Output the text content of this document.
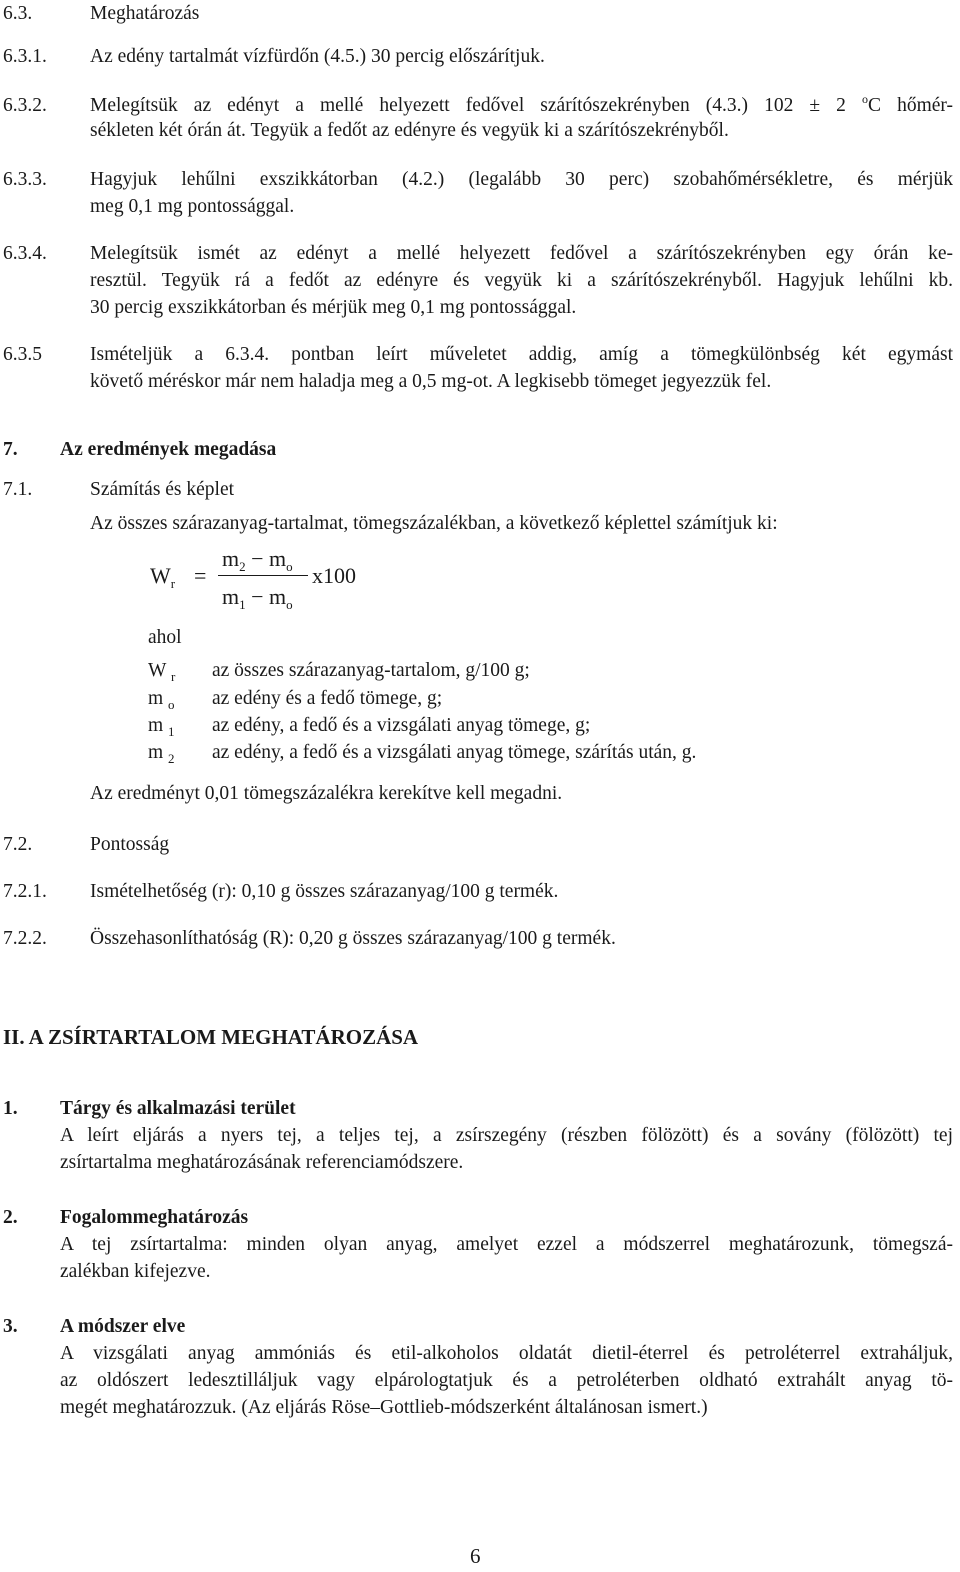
6.3.	Meghatározás
6.3.1. Az edény tartalmát vízfürdőn (4.5.) 30 percig előszárítjuk.
6.3.2. Melegítsük az edényt a mellé helyezett fedővel szárítószekrényben (4.3.) 102 ± 2 $^o$C hőmér-
sékleten két órán át. Tegyük a fedőt az edényre és vegyük ki a szárítószekrényből.
6.3.3. Hagyjuk lehűlni exszikkátorban (4.2.) (legalább 30 perc) szobahőmérsékletre, és mérjük
meg 0,1 mg pontossággal.
6.3.4. Melegítsük ismét az edényt a mellé helyezett fedővel a szárítószekrényben egy órán ke-
resztül. Tegyük rá a fedőt az edényre és vegyük ki a szárítószekrényből. Hagyjuk lehűlni kb.
30 percig exszikkátorban és mérjük meg 0,1 mg pontossággal.
6.3.5 Ismételjük a 6.3.4. pontban leírt műveletet addig, amíg a tömegkülönbség két egymást
követő méréskor már nem haladja meg a 0,5 mg-ot. A legkisebb tömeget jegyezzük fel.
7. Az eredmények megadása
7.1.	Számítás és képlet
Az összes szárazanyag-tartalmat, tömegszázalékban, a következő képlettel számítjuk ki:
$W_r$ =
$m_2 - m_o$
$m_1 - m_o$
x100
ahol
W $_r$ az összes szárazanyag-tartalom, g/100 g;
m $_o$ az edény és a fedő tömege, g;
m $_1$ az edény, a fedő és a vizsgálati anyag tömege, g;
m $_2$ az edény, a fedő és a vizsgálati anyag tömege, szárítás után, g.
Az eredményt 0,01 tömegszázalékra kerekítve kell megadni.
7.2.	Pontosság
7.2.1. Ismételhetőség (r): 0,10 g összes szárazanyag/100 g termék.
7.2.2. Összehasonlíthatóság (R): 0,20 g összes szárazanyag/100 g termék.
II. A ZSÍRTARTALOM MEGHATÁROZÁSA
1. Tárgy és alkalmazási terület
A leírt eljárás a nyers tej, a teljes tej, a zsírszegény (részben fölözött) és a sovány (fölözött) tej
zsírtartalma meghatározásának referenciamódszere.
2. Fogalommeghatározás
A tej zsírtartalma: minden olyan anyag, amelyet ezzel a módszerrel meghatározunk, tömegszá-
zalékban kifejezve.
3. A módszer elve
A vizsgálati anyag ammóniás és etil-alkoholos oldatát dietil-éterrel és petroléterrel extraháljuk,
az oldószert ledesztilláljuk vagy elpárologtatjuk és a petroléterben oldható extrahált anyag tö-
megét meghatározzuk. (Az eljárás Röse–Gottlieb-módszerként általánosan ismert.)
6
